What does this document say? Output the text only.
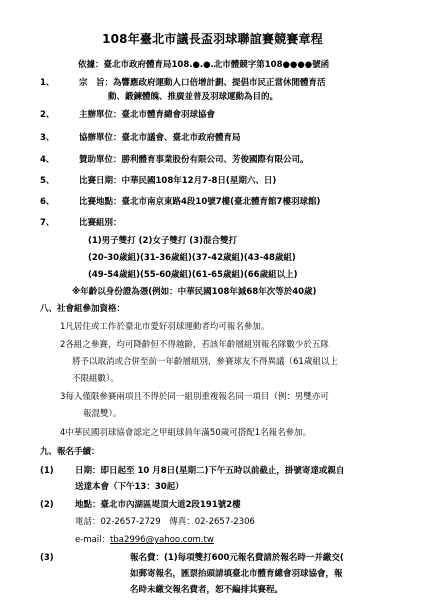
108年臺北市議長盃羽球聯誼賽競賽章程
依據：臺北市政府體育局108.●.●.北市體競字第108●●●●號函
1、	宗　旨：為響應政府運動人口倍增計劃、提倡市民正當休閒體育活
動、鍛鍊體魄、推廣並普及羽球運動為目的。
2、	主辦單位：臺北市體育總會羽球協會
3、	協辦單位：臺北市議會、臺北市政府體育局
4、	贊助單位：勝利體育事業股份有限公司、芳俊國際有限公司。
5、	比賽日期：中華民國108年12月7-8日(星期六、日)
6、	比賽地點：臺北市南京東路4段10號7樓(臺北體育館7樓羽球館)
7、	比賽組別：
(1)男子雙打 (2)女子雙打 (3)混合雙打
(20-30歲組)(31-36歲組)(37-42歲組)(43-48歲組)
(49-54歲組)(55-60歲組)(61-65歲組)(66歲組以上)
※年齡以身份證為憑(例如：中華民國108年減68年次等於40歲)
八、社會組參加資格：
1凡居住或工作於臺北市愛好羽球運動者均可報名參加。
2各組之參賽，均可降齡但不得越齡，若該年齡層組別報名隊數少於五隊
將予以取消或合併至前一年齡層組別，參賽球友不得異議（61歲組以上
不限組數）。
3每人僅限參賽兩項且不得於同一組別重複報名同一項目（例：男雙亦可
報混雙）。
4中華民國羽球協會認定之甲組球員年滿50歲可搭配1名報名參加。
九、報名手續：
(1)	日期：即日起至 10 月8日(星期二)下午五時以前截止，掛號寄達或親自
送達本會（下午13：30起）
(2)	地點：臺北市內湖區堤頂大道2段191號2樓
電話：02-2657-2729　傳真：02-2657-2306
e-mail：tba2996@yahoo.com.tw
(3)	報名費：(1)每項雙打600元報名費請於報名時一并繳交(
如郵寄報名，匯票抬頭請填臺北市體育總會羽球協會，報
名時未繳交報名費者，恕不編排其賽程。
